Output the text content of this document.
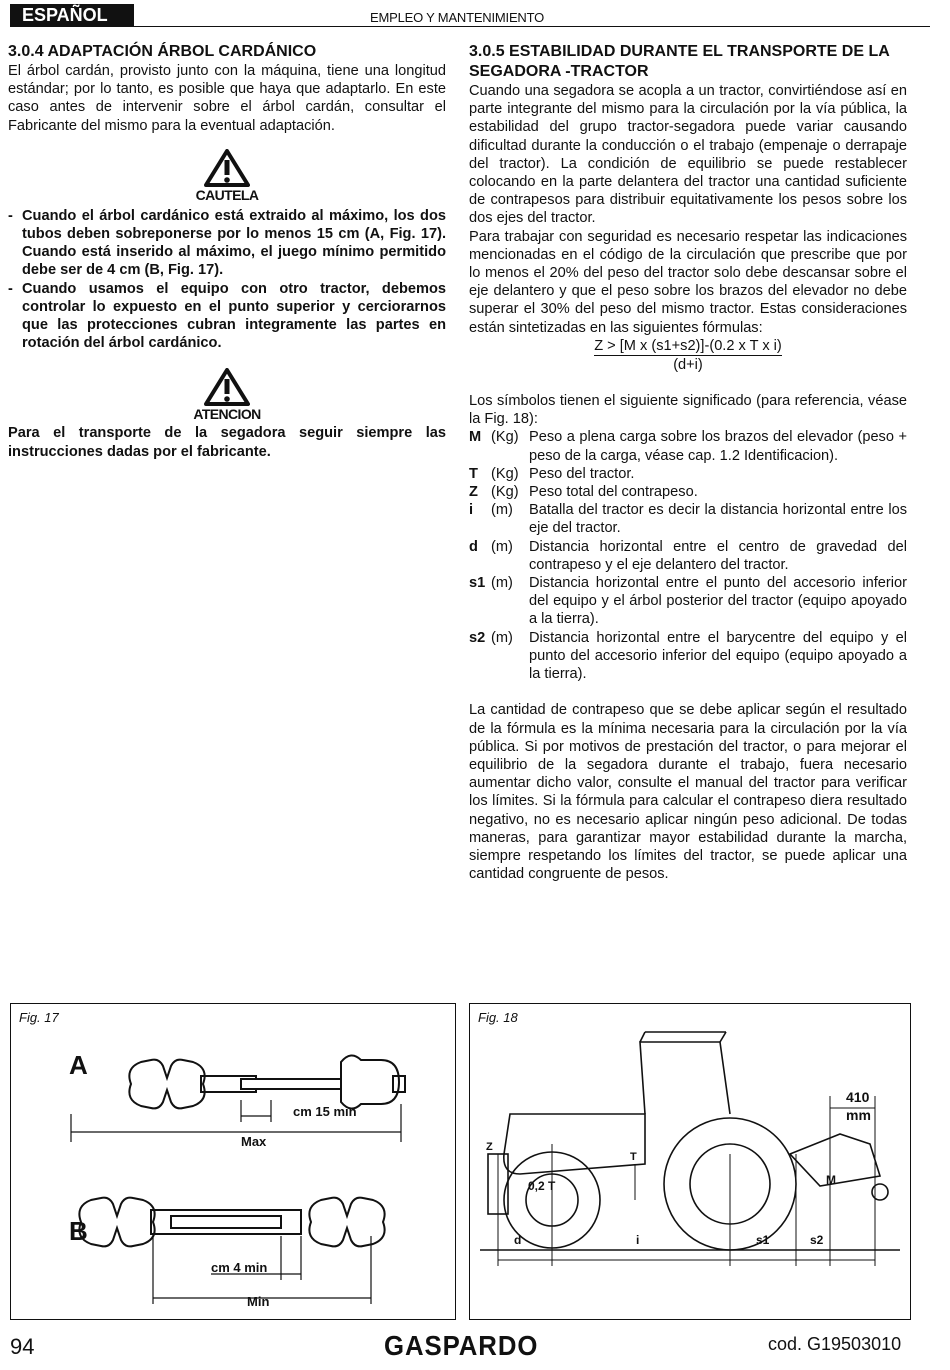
ESPAÑOL	EMPLEO Y MANTENIMIENTO
3.0.4 ADAPTACIÓN ÁRBOL CARDÁNICO

El árbol cardán, provisto junto con la máquina, tiene una longitud estándar; por lo tanto, es posible que haya que adaptarlo. En este caso antes de intervenir sobre el árbol cardán, consultar el Fabricante del mismo para la eventual adaptación.

CAUTELA
- Cuando el árbol cardánico está extraido al máximo, los dos tubos deben sobreponerse por lo menos 15 cm (A, Fig. 17). Cuando está inserido al máximo, el juego mínimo permitido debe ser de 4 cm (B, Fig. 17).
- Cuando usamos el equipo con otro tractor, debemos controlar lo expuesto en el punto superior y cerciorarnos que las protecciones cubran integramente las partes en rotación del árbol cardánico.
ATENCION

Para el transporte de la segadora seguir siempre las instrucciones dadas por el fabricante.

3.0.5 ESTABILIDAD DURANTE EL TRANSPORTE DE LA SEGADORA -TRACTOR

Cuando una segadora se acopla a un tractor, convirtiéndose así en parte integrante del mismo para la circulación por la vía pública, la estabilidad del grupo tractor-segadora puede variar causando dificultad durante la conducción o el trabajo (empenaje o derrapaje del tractor). La condición de equilibrio se puede restablecer colocando en la parte delantera del tractor una cantidad suficiente de contrapesos para distribuir equitativamente los pesos sobre los dos ejes del tractor.

Para trabajar con seguridad es necesario respetar las indicaciones mencionadas en el código de la circulación que prescribe que por lo menos el 20% del peso del tractor solo debe descansar sobre el eje delantero y que el peso sobre los brazos del elevador no debe superar el 30% del peso del mismo tractor. Estas consideraciones están sintetizadas en las siguientes fórmulas:

Z > [M x (s1+s2)]-(0.2 x T x i)
(d+i)

Los símbolos tienen el siguiente significado (para referencia, véase la Fig. 18):

M (Kg) Peso a plena carga sobre los brazos del elevador (peso + peso de la carga, véase cap. 1.2 Identificacion).
T (Kg) Peso del tractor.
Z (Kg) Peso total del contrapeso.
i	(m)	Batalla del tractor es decir la distancia horizontal entre los eje del tractor.
d (m)	Distancia horizontal entre el centro de gravedad del contrapeso y el eje delantero del tractor.
s1 (m)	Distancia horizontal entre el punto del accesorio inferior del equipo y el árbol posterior del tractor (equipo apoyado a la tierra).
s2 (m)	Distancia horizontal entre el barycentre del equipo y el punto del accesorio inferior del equipo (equipo apoyado a la tierra).

La cantidad de contrapeso que se debe aplicar según el resultado de la fórmula es la mínima necesaria para la circulación por la vía pública. Si por motivos de prestación del tractor, o para mejorar el equilibrio de la segadora durante el trabajo, fuera necesario aumentar dicho valor, consulte el manual del tractor para verificar los límites. Si la fórmula para calcular el contrapeso diera resultado negativo, no es necesario aplicar ningún peso adicional. De todas maneras, para garantizar mayor estabilidad durante la marcha, siempre respetando los límites del tractor, se puede aplicar una cantidad congruente de pesos.

Fig. 17
A
B
cm 15 min
Max
cm 4 min
Min
Fig. 18
410
mm
Z
0,2 T
T
M
d	i	s1	s2
94	GASPARDO	cod. G19503010
